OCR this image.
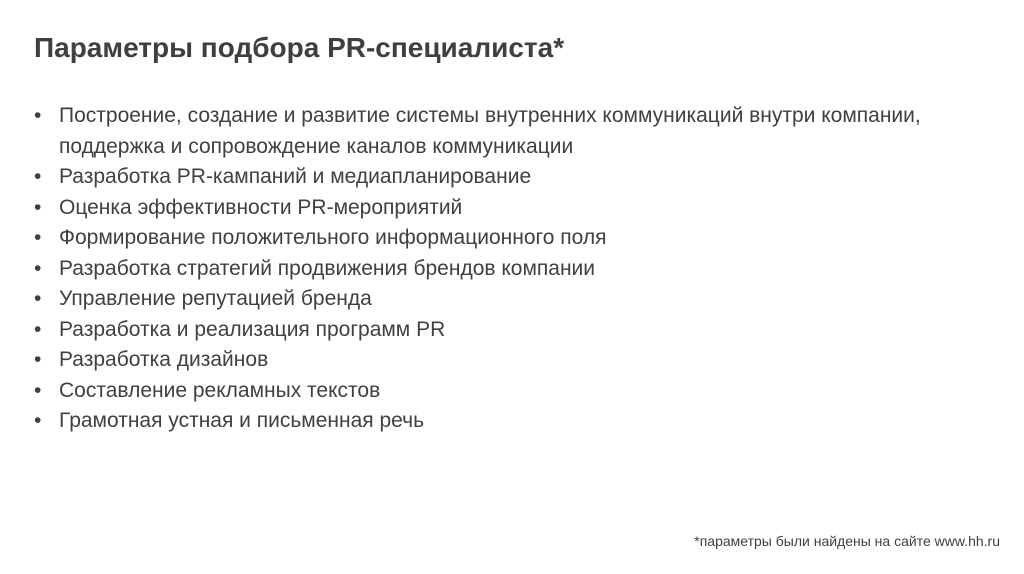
Параметры подбора PR-специалиста*
• Построение, создание и развитие системы внутренних коммуникаций внутри компании, поддержка и сопровождение каналов коммуникации
• Разработка PR-кампаний и медиапланирование
• Оценка эффективности PR-мероприятий
• Формирование положительного информационного поля
• Разработка стратегий продвижения брендов компании
• Управление репутацией бренда
• Разработка и реализация программ PR
• Разработка дизайнов
• Составление рекламных текстов
• Грамотная устная и письменная речь
*параметры были найдены на сайте www.hh.ru
